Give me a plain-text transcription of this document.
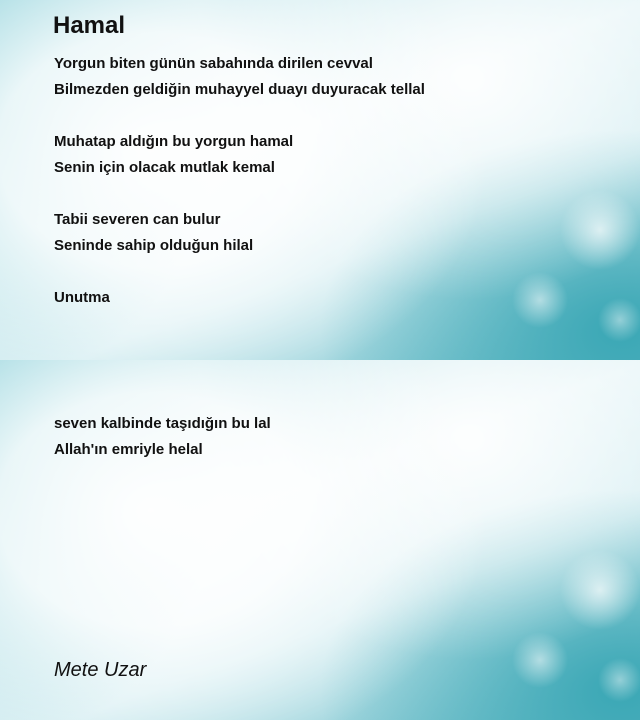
Hamal
Yorgun biten günün sabahında dirilen cevval
Bilmezden geldiğin muhayyel duayı duyuracak tellal
Muhatap aldığın bu yorgun hamal
Senin için olacak mutlak kemal
Tabii severen can bulur
Seninde sahip olduğun hilal
Unutma
seven kalbinde taşıdığın bu lal
Allah'ın emriyle helal
Mete Uzar
